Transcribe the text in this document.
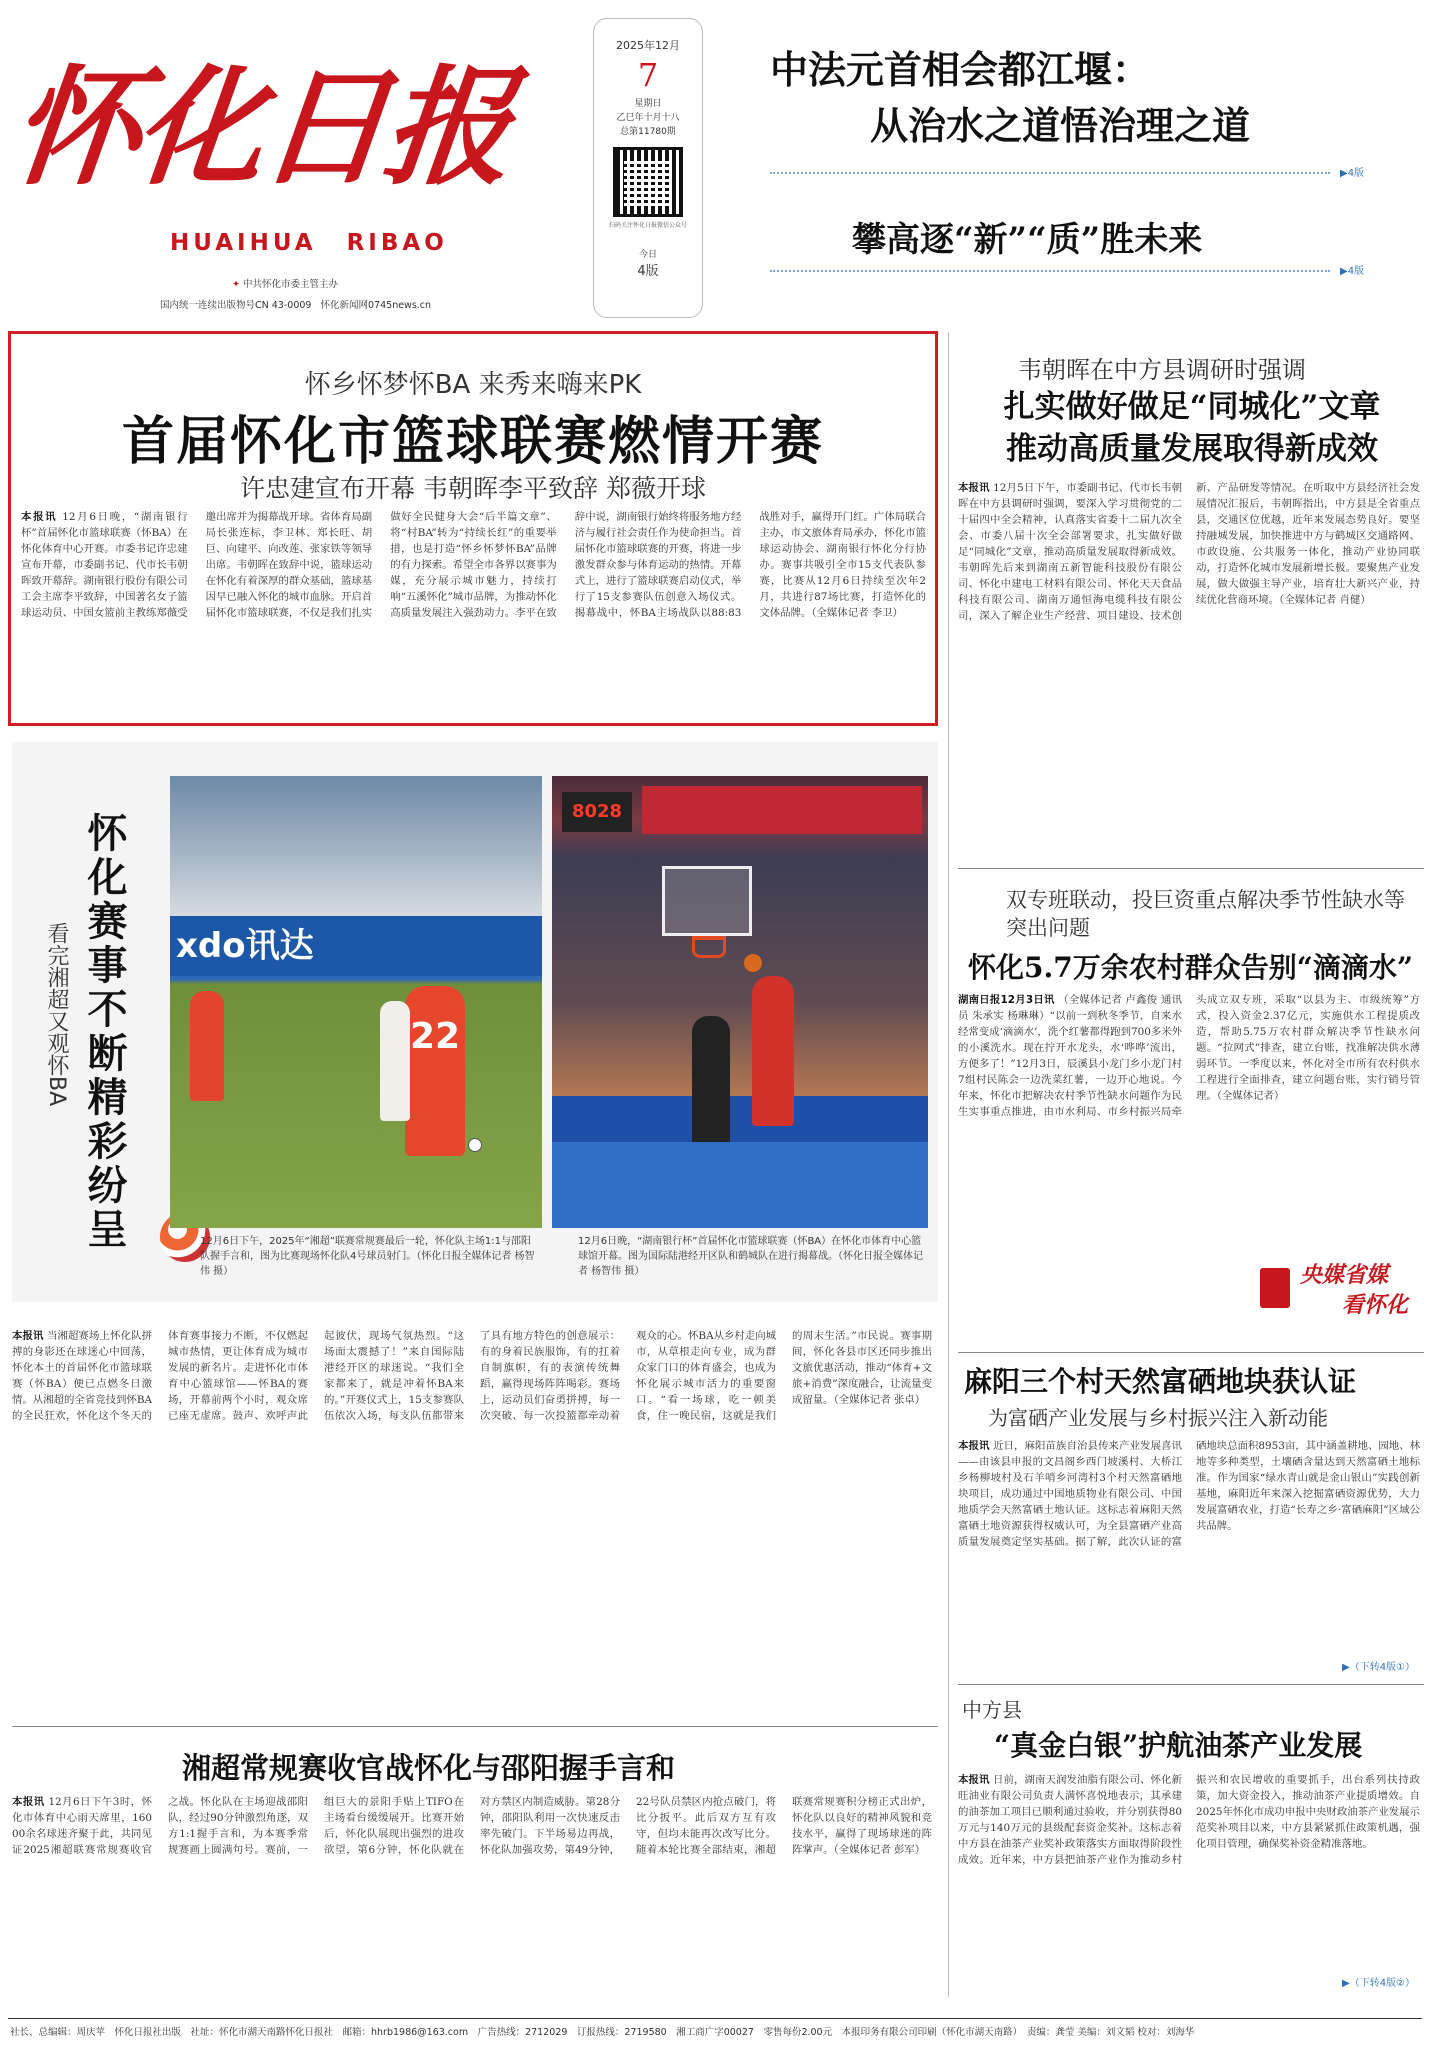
怀化日报
HUAIHUA RIBAO
✦ 中共怀化市委主管主办
国内统一连续出版物号CN 43-0009 怀化新闻网0745news.cn
2025年12月
7
星期日
乙巳年十月十八
总第11780期
扫码关注怀化日报微信公众号
今日
4版
中法元首相会都江堰：
从治水之道悟治理之道
▶4版
攀高逐“新”“质”胜未来
▶4版
怀乡怀梦怀BA 来秀来嗨来PK
首届怀化市篮球联赛燃情开赛
许忠建宣布开幕 韦朝晖李平致辞 郑薇开球
本报讯 12月6日晚，“湖南银行杯”首届怀化市篮球联赛（怀BA）在怀化体育中心开赛。市委书记许忠建宣布开幕，市委副书记、代市长韦朝晖致开幕辞。湖南银行股份有限公司工会主席李平致辞，中国著名女子篮球运动员、中国女篮前主教练郑薇受邀出席并为揭幕战开球。省体育局副局长张连标，李卫林、郑长旺、胡巨、向建平、向改莲、张家铁等领导出席。韦朝晖在致辞中说，篮球运动在怀化有着深厚的群众基础，篮球基因早已融入怀化的城市血脉。开启首届怀化市篮球联赛，不仅是我们扎实做好全民健身大会“后半篇文章”、将“村BA”转为“持续长红”的重要举措，也是打造“怀乡怀梦怀BA”品牌的有力探索。希望全市各界以赛事为媒，充分展示城市魅力，持续打响“五溪怀化”城市品牌，为推动怀化高质量发展注入强劲动力。李平在致辞中说，湖南银行始终将服务地方经济与履行社会责任作为使命担当。首届怀化市篮球联赛的开赛，将进一步激发群众参与体育运动的热情。开幕式上，进行了篮球联赛启动仪式，举行了15支参赛队伍创意入场仪式。揭幕战中，怀BA主场战队以88:83战胜对手，赢得开门红。广体局联合主办，市文旅体育局承办，怀化市篮球运动协会、湖南银行怀化分行协办。赛事共吸引全市15支代表队参赛，比赛从12月6日持续至次年2月，共进行87场比赛，打造怀化的文体品牌。（全媒体记者 李卫）
韦朝晖在中方县调研时强调
扎实做好做足“同城化”文章
推动高质量发展取得新成效
本报讯 12月5日下午，市委副书记、代市长韦朝晖在中方县调研时强调，要深入学习贯彻党的二十届四中全会精神，认真落实省委十二届九次全会、市委八届十次全会部署要求，扎实做好做足“同城化”文章，推动高质量发展取得新成效。韦朝晖先后来到湖南五新智能科技股份有限公司、怀化中建电工材料有限公司、怀化天天食品科技有限公司、湖南万通恒海电缆科技有限公司，深入了解企业生产经营、项目建设、技术创新、产品研发等情况。在听取中方县经济社会发展情况汇报后，韦朝晖指出，中方县是全省重点县，交通区位优越，近年来发展态势良好。要坚持融城发展，加快推进中方与鹤城区交通路网、市政设施、公共服务一体化，推动产业协同联动，打造怀化城市发展新增长极。要聚焦产业发展，做大做强主导产业，培育壮大新兴产业，持续优化营商环境。（全媒体记者 肖健）
怀化赛事不断精彩纷呈
看完湘超又观怀BA	xdo讯达
22
8028
12月6日下午，2025年“湘超”联赛常规赛最后一轮，怀化队主场1:1与邵阳队握手言和，图为比赛现场怀化队4号球员射门。（怀化日报全媒体记者 杨智伟 摄）
12月6日晚，“湖南银行杯”首届怀化市篮球联赛（怀BA）在怀化市体育中心篮球馆开幕。图为国际陆港经开区队和鹤城队在进行揭幕战。（怀化日报全媒体记者 杨智伟 摄）
双专班联动，投巨资重点解决季节性缺水等突出问题
怀化5.7万余农村群众告别“滴滴水”
湖南日报12月3日讯 （全媒体记者 卢鑫俊 通讯员 朱承实 杨琳琳）“以前一到秋冬季节，自来水经常变成‘滴滴水’，洗个红薯都得跑到700多米外的小溪洗水。现在拧开水龙头，水‘哗哗’流出，方便多了！”12月3日，辰溪县小龙门乡小龙门村7组村民陈会一边洗菜红薯，一边开心地说。今年来，怀化市把解决农村季节性缺水问题作为民生实事重点推进，由市水利局、市乡村振兴局牵头成立双专班，采取“以县为主、市级统筹”方式，投入资金2.37亿元，实施供水工程提质改造，帮助5.75万农村群众解决季节性缺水问题。“拉网式”排查，建立台账，找准解决供水薄弱环节。一季度以来，怀化对全市所有农村供水工程进行全面排查，建立问题台账，实行销号管理。（全媒体记者）
央媒省媒
看怀化
本报讯 当湘超赛场上怀化队拼搏的身影还在球迷心中回荡，怀化本土的首届怀化市篮球联赛（怀BA）便已点燃冬日激情。从湘超的全省竞技到怀BA的全民狂欢，怀化这个冬天的体育赛事接力不断，不仅燃起城市热情，更让体育成为城市发展的新名片。走进怀化市体育中心篮球馆——怀BA的赛场，开幕前两个小时，观众席已座无虚席。鼓声、欢呼声此起彼伏，现场气氛热烈。“这场面太震撼了！”来自国际陆港经开区的球迷说。“我们全家都来了，就是冲着怀BA来的。”开赛仪式上，15支参赛队伍依次入场，每支队伍都带来了具有地方特色的创意展示：有的身着民族服饰，有的扛着自制旗帜，有的表演传统舞蹈，赢得现场阵阵喝彩。赛场上，运动员们奋勇拼搏，每一次突破、每一次投篮都牵动着观众的心。怀BA从乡村走向城市，从草根走向专业，成为群众家门口的体育盛会，也成为怀化展示城市活力的重要窗口。“看一场球，吃一顿美食，住一晚民宿，这就是我们的周末生活。”市民说。赛事期间，怀化各县市区还同步推出文旅优惠活动，推动“体育+文旅+消费”深度融合，让流量变成留量。（全媒体记者 张卓）
麻阳三个村天然富硒地块获认证
为富硒产业发展与乡村振兴注入新动能
本报讯 近日，麻阳苗族自治县传来产业发展喜讯——由该县申报的文昌阁乡西门坡溪村、大桥江乡杨柳坡村及石羊哨乡河湾村3个村天然富硒地块项目，成功通过中国地质物业有限公司、中国地质学会天然富硒土地认证。这标志着麻阳天然富硒土地资源获得权威认可，为全县富硒产业高质量发展奠定坚实基础。据了解，此次认证的富硒地块总面积8953亩，其中涵盖耕地、园地、林地等多种类型，土壤硒含量达到天然富硒土地标准。作为国家“绿水青山就是金山银山”实践创新基地，麻阳近年来深入挖掘富硒资源优势，大力发展富硒农业，打造“长寿之乡·富硒麻阳”区域公共品牌。
▶（下转4版①）
中方县
“真金白银”护航油茶产业发展
本报讯 日前，湖南天润发油脂有限公司、怀化新旺油业有限公司负责人满怀喜悦地表示，其承建的油茶加工项目已顺利通过验收，并分别获得80万元与140万元的县级配套资金奖补。这标志着中方县在油茶产业奖补政策落实方面取得阶段性成效。近年来，中方县把油茶产业作为推动乡村振兴和农民增收的重要抓手，出台系列扶持政策，加大资金投入，推动油茶产业提质增效。自2025年怀化市成功申报中央财政油茶产业发展示范奖补项目以来，中方县紧紧抓住政策机遇，强化项目管理，确保奖补资金精准落地。
▶（下转4版②）
湘超常规赛收官战怀化与邵阳握手言和
本报讯 12月6日下午3时，怀化市体育中心雨天席里，16000余名球迷齐聚于此，共同见证2025湘超联赛常规赛收官之战。怀化队在主场迎战邵阳队，经过90分钟激烈角逐，双方1:1握手言和，为本赛季常规赛画上圆满句号。赛前，一组巨大的景阳手贴上TIFO在主场看台缓缓展开。比赛开始后，怀化队展现出强烈的进攻欲望，第6分钟，怀化队就在对方禁区内制造威胁。第28分钟，邵阳队利用一次快速反击率先破门。下半场易边再战，怀化队加强攻势，第49分钟，22号队员禁区内抢点破门，将比分扳平。此后双方互有攻守，但均未能再次改写比分。随着本轮比赛全部结束，湘超联赛常规赛积分榜正式出炉，怀化队以良好的精神风貌和竞技水平，赢得了现场球迷的阵阵掌声。（全媒体记者 彭军）
社长、总编辑：周庆苹　怀化日报社出版　社址：怀化市湖天南路怀化日报社　邮箱：hhrb1986@163.com　广告热线：2712029　订报热线：2719580　湘工商广字00027　零售每份2.00元　本报印务有限公司印刷（怀化市湖天南路）　责编：龚莹 美编：刘文韬 校对：刘海华
